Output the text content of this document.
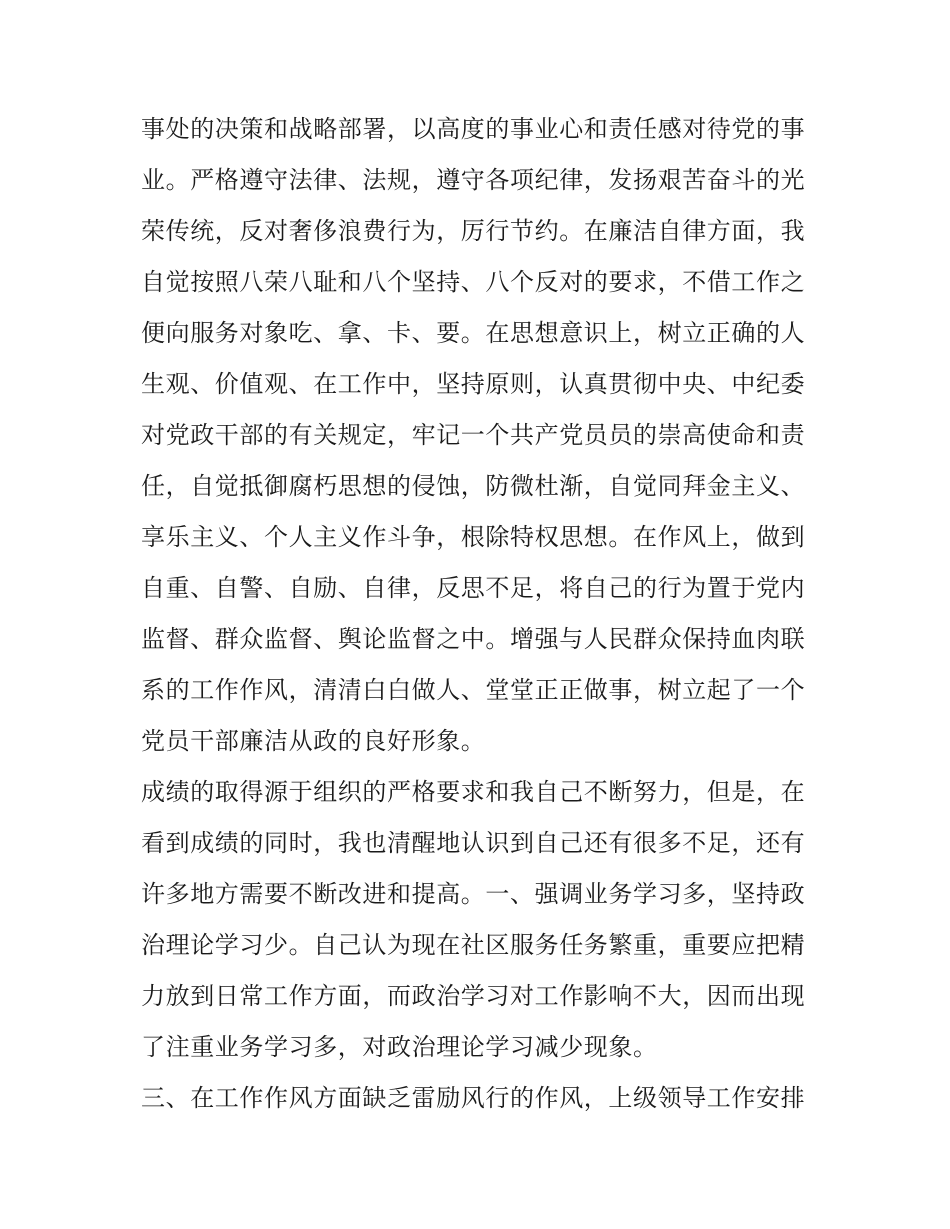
事处的决策和战略部署，以高度的事业心和责任感对待党的事
业。严格遵守法律、法规，遵守各项纪律，发扬艰苦奋斗的光
荣传统，反对奢侈浪费行为，厉行节约。在廉洁自律方面，我
自觉按照八荣八耻和八个坚持、八个反对的要求，不借工作之
便向服务对象吃、拿、卡、要。在思想意识上，树立正确的人
生观、价值观、在工作中，坚持原则，认真贯彻中央、中纪委
对党政干部的有关规定，牢记一个共产党员员的崇高使命和责
任，自觉抵御腐朽思想的侵蚀，防微杜渐，自觉同拜金主义、
享乐主义、个人主义作斗争，根除特权思想。在作风上，做到
自重、自警、自励、自律，反思不足，将自己的行为置于党内
监督、群众监督、舆论监督之中。增强与人民群众保持血肉联
系的工作作风，清清白白做人、堂堂正正做事，树立起了一个
党员干部廉洁从政的良好形象。
成绩的取得源于组织的严格要求和我自己不断努力，但是，在
看到成绩的同时，我也清醒地认识到自己还有很多不足，还有
许多地方需要不断改进和提高。一、强调业务学习多，坚持政
治理论学习少。自己认为现在社区服务任务繁重，重要应把精
力放到日常工作方面，而政治学习对工作影响不大，因而出现
了注重业务学习多，对政治理论学习减少现象。
三、在工作作风方面缺乏雷励风行的作风，上级领导工作安排
